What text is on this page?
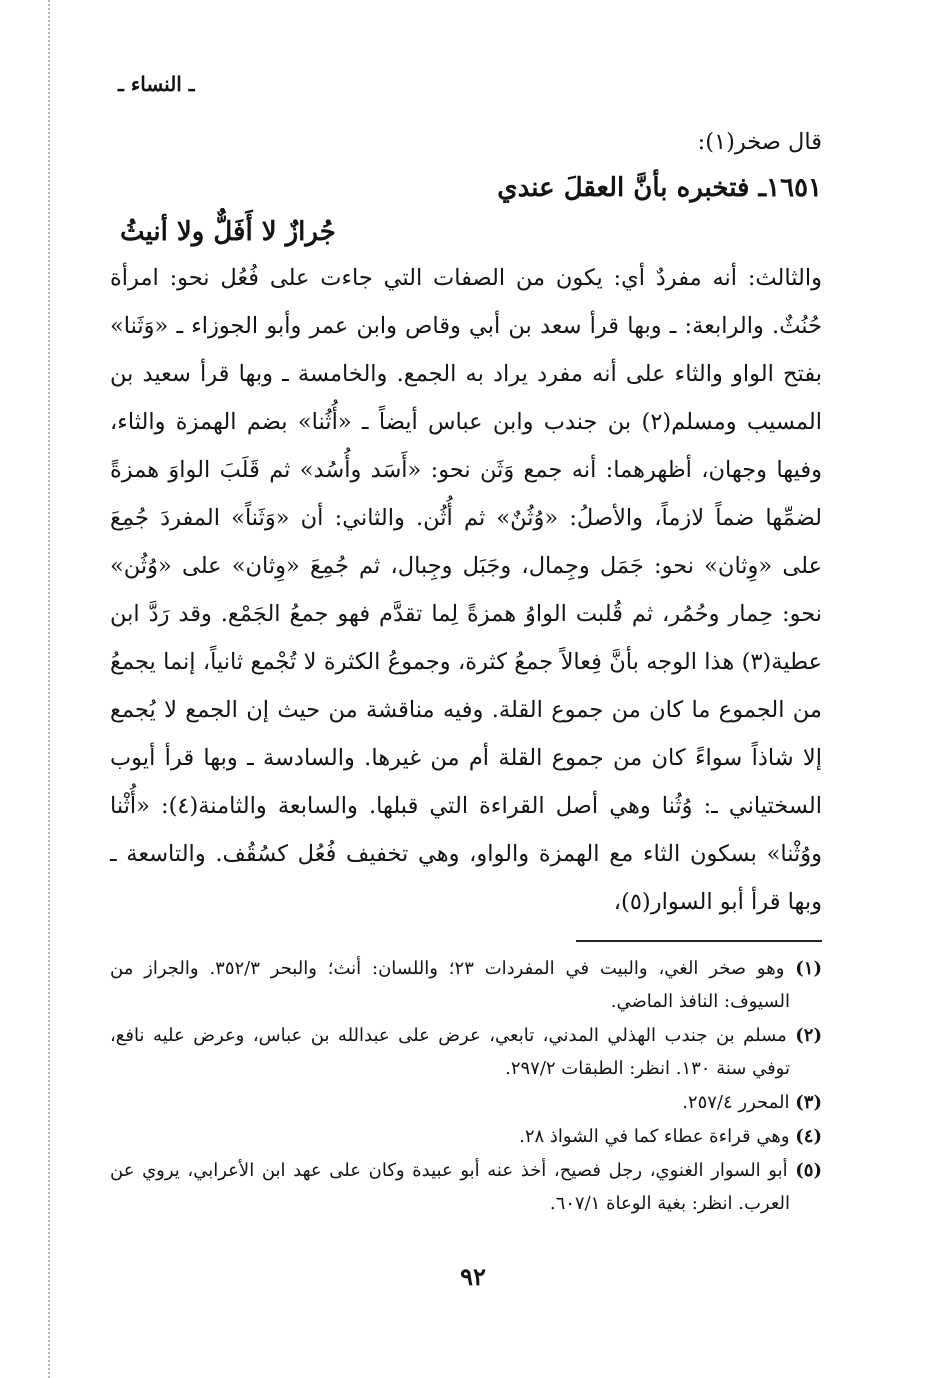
ـ النساء ـ

قال صخر(١):

١٦٥١ـ فتخبره بأنَّ العقلَ عندي

جُرازٌ لا أَفَلٌّ ولا أنيثُ

والثالث: أنه مفردٌ أي: يكون من الصفات التي جاءت على فُعُل نحو: امرأة حُنُثٌ. والرابعة: ـ وبها قرأ سعد بن أبي وقاص وابن عمر وأبو الجوزاء ـ «وَثَنا» بفتح الواو والثاء على أنه مفرد يراد به الجمع. والخامسة ـ وبها قرأ سعيد بن المسيب ومسلم(٢) بن جندب وابن عباس أيضاً ـ «أُثُنا» بضم الهمزة والثاء، وفيها وجهان، أظهرهما: أنه جمع وَثَن نحو: «أَسَد وأُسُد» ثم قَلَبَ الواوَ همزةً لضمِّها ضماً لازماً، والأصلُ: «وُثُنٌ» ثم أُثُن. والثاني: أن «وَثَناً» المفردَ جُمِعَ على «وِثان» نحو: جَمَل وجِمال، وجَبَل وجِبال، ثم جُمِعَ «وِثان» على «وُثُن» نحو: حِمار وحُمُر، ثم قُلبت الواوُ همزةً لِما تقدَّم فهو جمعُ الجَمْع. وقد رَدَّ ابن عطية(٣) هذا الوجه بأنَّ فِعالاً جمعُ كثرة، وجموعُ الكثرة لا تُجْمع ثانياً، إنما يجمعُ من الجموع ما كان من جموع القلة. وفيه مناقشة من حيث إن الجمع لا يُجمع إلا شاذاً سواءً كان من جموع القلة أم من غيرها. والسادسة ـ وبها قرأ أيوب السختياني ـ: وُثُنا وهي أصل القراءة التي قبلها. والسابعة والثامنة(٤): «أُثْنا ووُثْنا» بسكون الثاء مع الهمزة والواو، وهي تخفيف فُعُل كسُقُف. والتاسعة ـ وبها قرأ أبو السوار(٥)،

(١) وهو صخر الغي، والبيت في المفردات ٢٣؛ واللسان: أنث؛ والبحر ٣٥٢/٣. والجراز من السيوف: النافذ الماضي.

(٢) مسلم بن جندب الهذلي المدني، تابعي، عرض على عبدالله بن عباس، وعرض عليه نافع، توفي سنة ١٣٠. انظر: الطبقات ٢٩٧/٢.

(٣) المحرر ٢٥٧/٤.

(٤) وهي قراءة عطاء كما في الشواذ ٢٨.

(٥) أبو السوار الغنوي، رجل فصيح، أخذ عنه أبو عبيدة وكان على عهد ابن الأعرابي، يروي عن العرب. انظر: بغية الوعاة ٦٠٧/١.

٩٢
